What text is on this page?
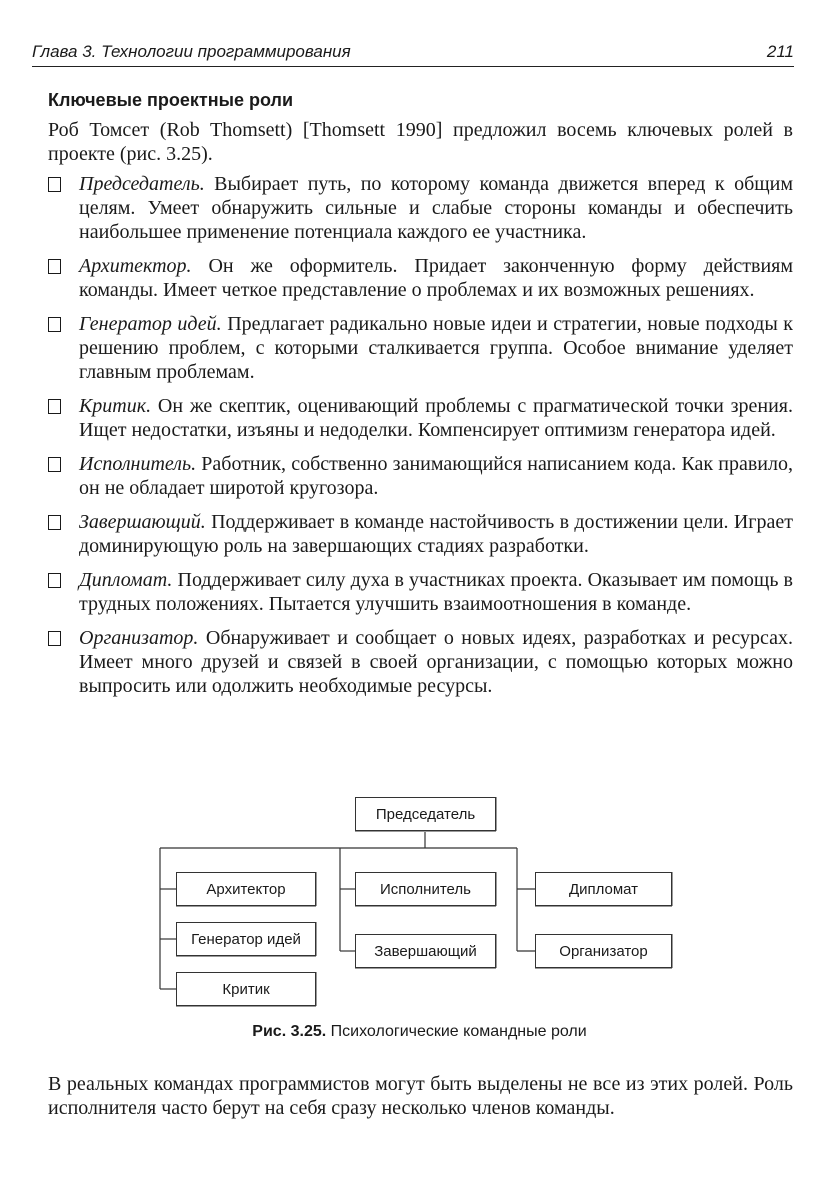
Глава 3. Технологии программирования	211
Ключевые проектные роли
Роб Томсет (Rob Thomsett) [Thomsett 1990] предложил восемь ключевых ролей в проекте (рис. 3.25).
Председатель. Выбирает путь, по которому команда движется вперед к общим целям. Умеет обнаружить сильные и слабые стороны команды и обеспечить наибольшее применение потенциала каждого ее участника.
Архитектор. Он же оформитель. Придает законченную форму действиям команды. Имеет четкое представление о проблемах и их возможных решениях.
Генератор идей. Предлагает радикально новые идеи и стратегии, новые подходы к решению проблем, с которыми сталкивается группа. Особое внимание уделяет главным проблемам.
Критик. Он же скептик, оценивающий проблемы с прагматической точки зрения. Ищет недостатки, изъяны и недоделки. Компенсирует оптимизм генератора идей.
Исполнитель. Работник, собственно занимающийся написанием кода. Как правило, он не обладает широтой кругозора.
Завершающий. Поддерживает в команде настойчивость в достижении цели. Играет доминирующую роль на завершающих стадиях разработки.
Дипломат. Поддерживает силу духа в участниках проекта. Оказывает им помощь в трудных положениях. Пытается улучшить взаимоотношения в команде.
Организатор. Обнаруживает и сообщает о новых идеях, разработках и ресурсах. Имеет много друзей и связей в своей организации, с помощью которых можно выпросить или одолжить необходимые ресурсы.
Председатель
Архитектор
Генератор идей
Критик
Исполнитель
Завершающий
Дипломат
Организатор
Рис. 3.25. Психологические командные роли
В реальных командах программистов могут быть выделены не все из этих ролей. Роль исполнителя часто берут на себя сразу несколько членов команды.
